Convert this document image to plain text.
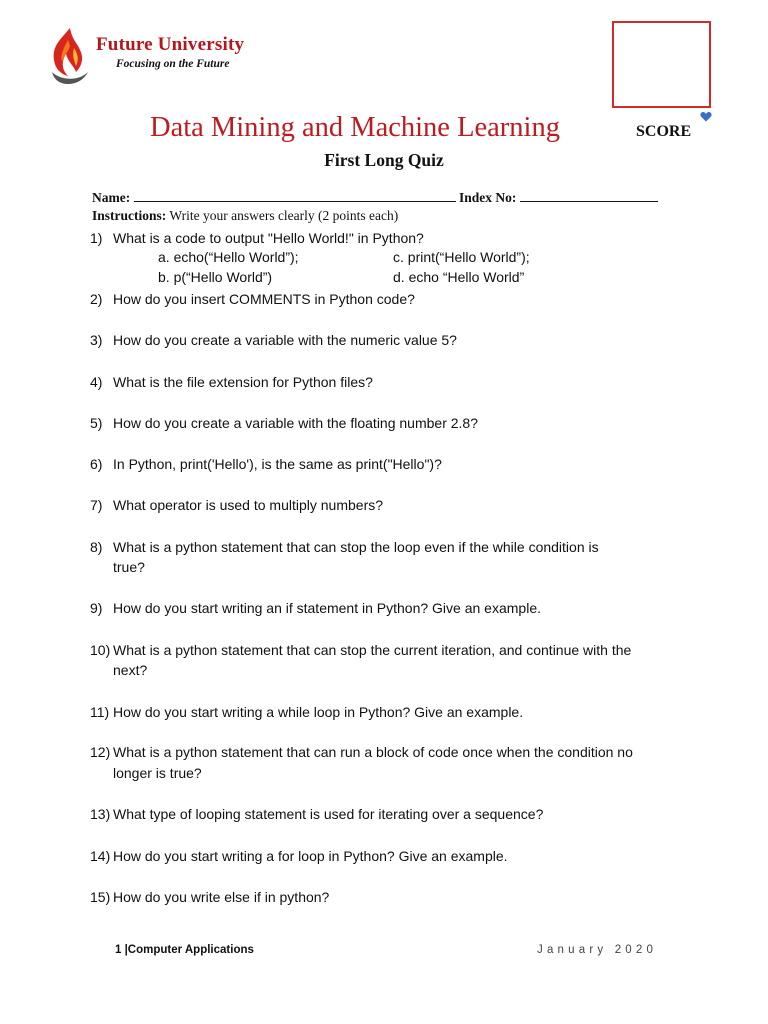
Future University
Focusing on the Future
Data Mining and Machine Learning	SCORE
First Long Quiz
Name:	Index No:
Instructions: Write your answers clearly (2 points each)
1) What is a code to output "Hello World!" in Python?
a. echo(“Hello World”);	c. print(“Hello World”);
b. p(“Hello World”)	d. echo “Hello World”
2) How do you insert COMMENTS in Python code?
3) How do you create a variable with the numeric value 5?
4) What is the file extension for Python files?
5) How do you create a variable with the floating number 2.8?
6) In Python, print('Hello'), is the same as print("Hello")?
7) What operator is used to multiply numbers?
8) What is a python statement that can stop the loop even if the while condition is
true?
9) How do you start writing an if statement in Python? Give an example.
10) What is a python statement that can stop the current iteration, and continue with the
next?
11) How do you start writing a while loop in Python? Give an example.
12) What is a python statement that can run a block of code once when the condition no
longer is true?
13) What type of looping statement is used for iterating over a sequence?
14) How do you start writing a for loop in Python? Give an example.
15) How do you write else if in python?
1 |Computer Applications	January 2020
